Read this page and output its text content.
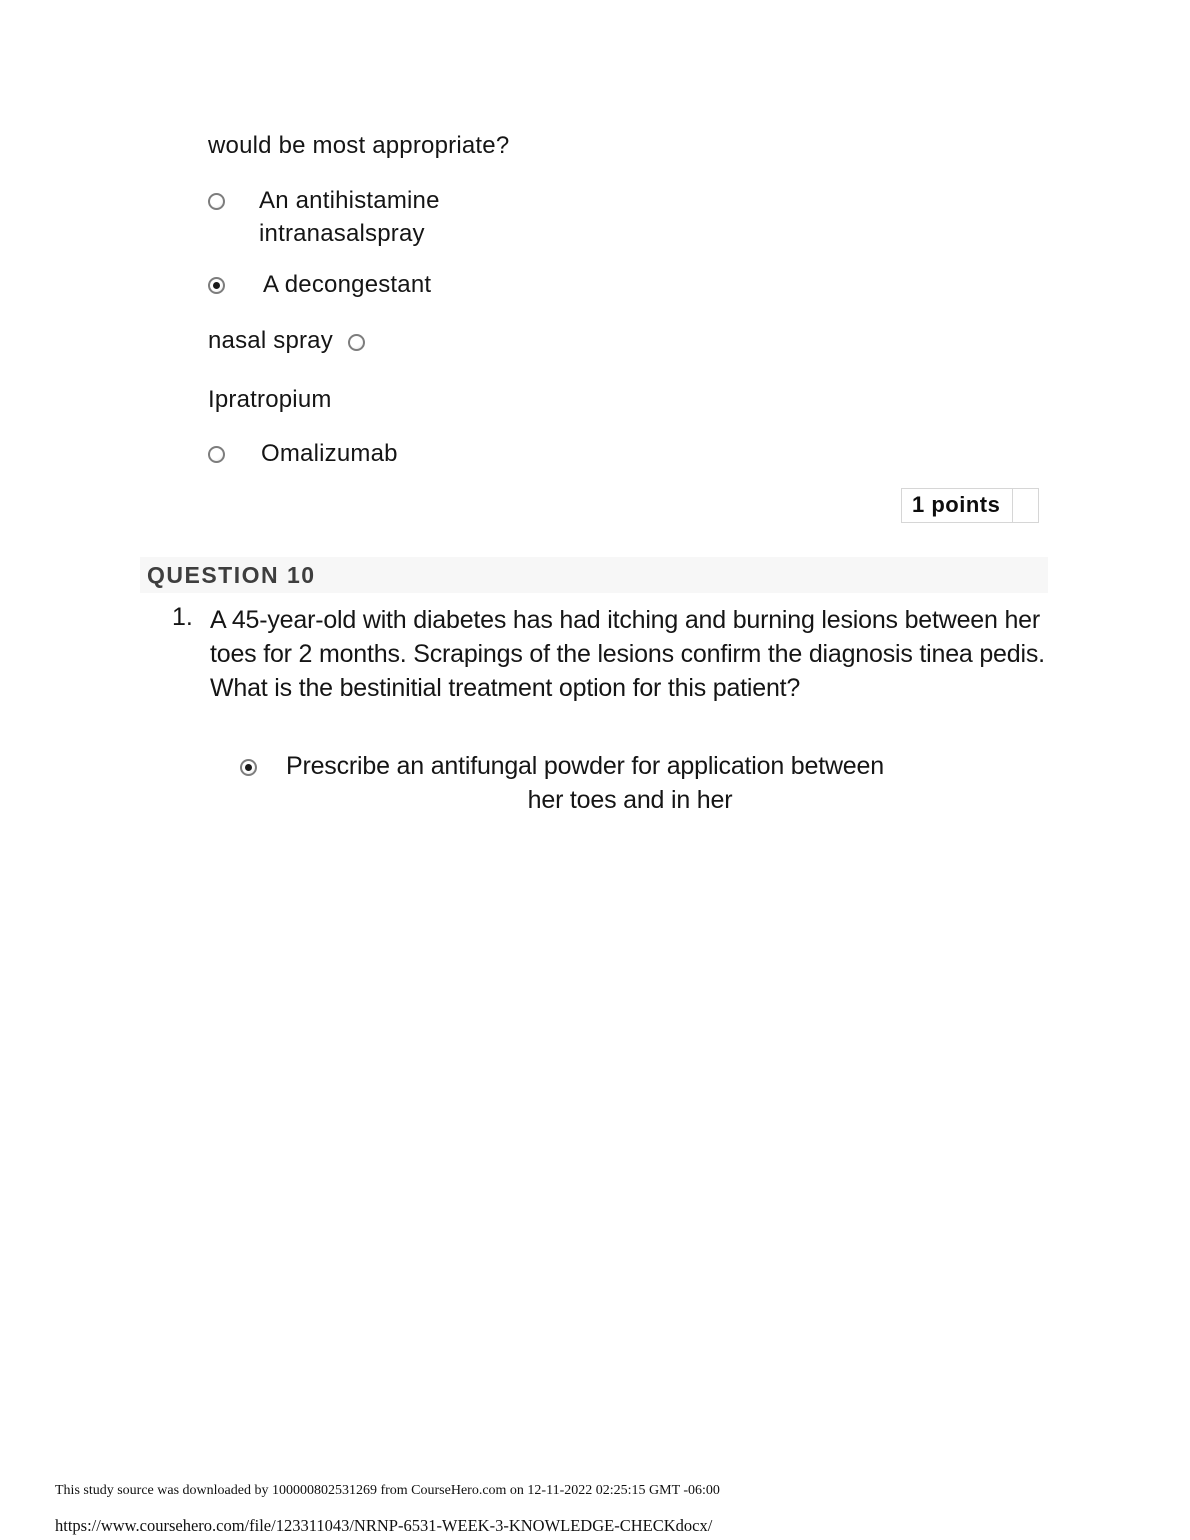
would be most appropriate?
An antihistamine
intranasalspray
A decongestant
nasal spray
Ipratropium
Omalizumab
1 points
QUESTION 10
1. A 45-year-old with diabetes has had itching and burning lesions between her toes for 2 months. Scrapings of the lesions confirm the diagnosis tinea pedis. What is the bestinitial treatment option for this patient?
Prescribe an antifungal powder for application between
her toes and in her
This study source was downloaded by 100000802531269 from CourseHero.com on 12-11-2022 02:25:15 GMT -06:00
https://www.coursehero.com/file/123311043/NRNP-6531-WEEK-3-KNOWLEDGE-CHECKdocx/
